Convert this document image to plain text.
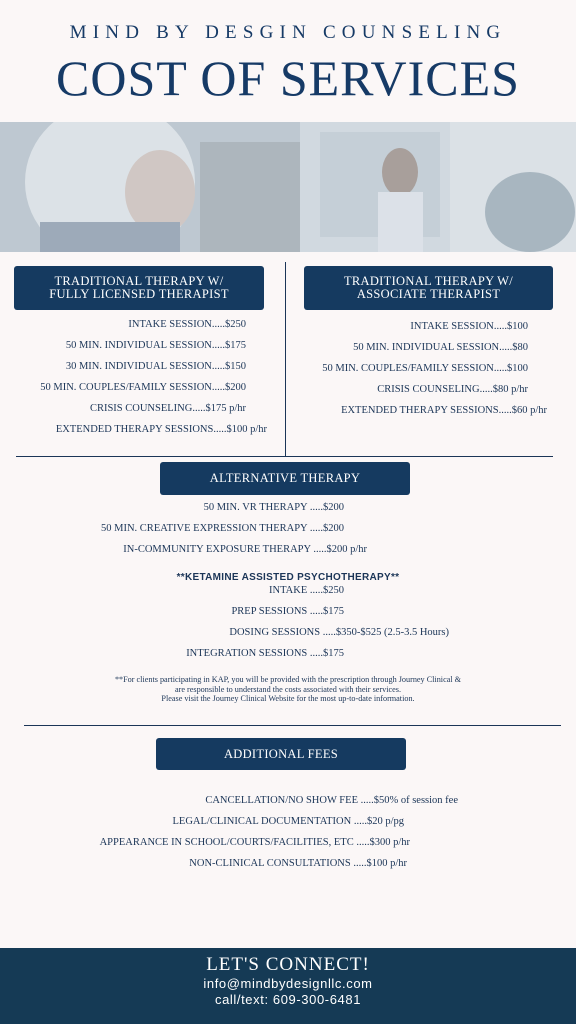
MIND BY DESGIN COUNSELING
COST OF SERVICES
TRADITIONAL THERAPY W/
FULLY LICENSED THERAPIST
INTAKE SESSION.....$250
50 MIN. INDIVIDUAL SESSION.....$175
30 MIN. INDIVIDUAL SESSION.....$150
50 MIN. COUPLES/FAMILY SESSION.....$200
CRISIS COUNSELING.....$175 p/hr
EXTENDED THERAPY SESSIONS.....$100 p/hr
TRADITIONAL THERAPY W/
ASSOCIATE THERAPIST
INTAKE SESSION.....$100
50 MIN. INDIVIDUAL SESSION.....$80
50 MIN. COUPLES/FAMILY SESSION.....$100
CRISIS COUNSELING.....$80 p/hr
EXTENDED THERAPY SESSIONS.....$60 p/hr
ALTERNATIVE THERAPY
50 MIN. VR THERAPY .....$200
50 MIN. CREATIVE EXPRESSION THERAPY .....$200
IN-COMMUNITY EXPOSURE THERAPY .....$200 p/hr
**KETAMINE ASSISTED PSYCHOTHERAPY**
INTAKE .....$250
PREP SESSIONS .....$175
DOSING SESSIONS .....$350-$525 (2.5-3.5 Hours)
INTEGRATION SESSIONS .....$175
**For clients participating in KAP, you will be provided with the prescription through Journey Clinical &
are responsible to understand the costs associated with their services.
Please visit the Journey Clinical Website for the most up-to-date information.
ADDITIONAL FEES
CANCELLATION/NO SHOW FEE .....$50% of session fee
LEGAL/CLINICAL DOCUMENTATION .....$20 p/pg
APPEARANCE IN SCHOOL/COURTS/FACILITIES, ETC .....$300 p/hr
NON-CLINICAL CONSULTATIONS .....$100 p/hr
LET'S CONNECT!
info@mindbydesignllc.com
call/text: 609-300-6481
